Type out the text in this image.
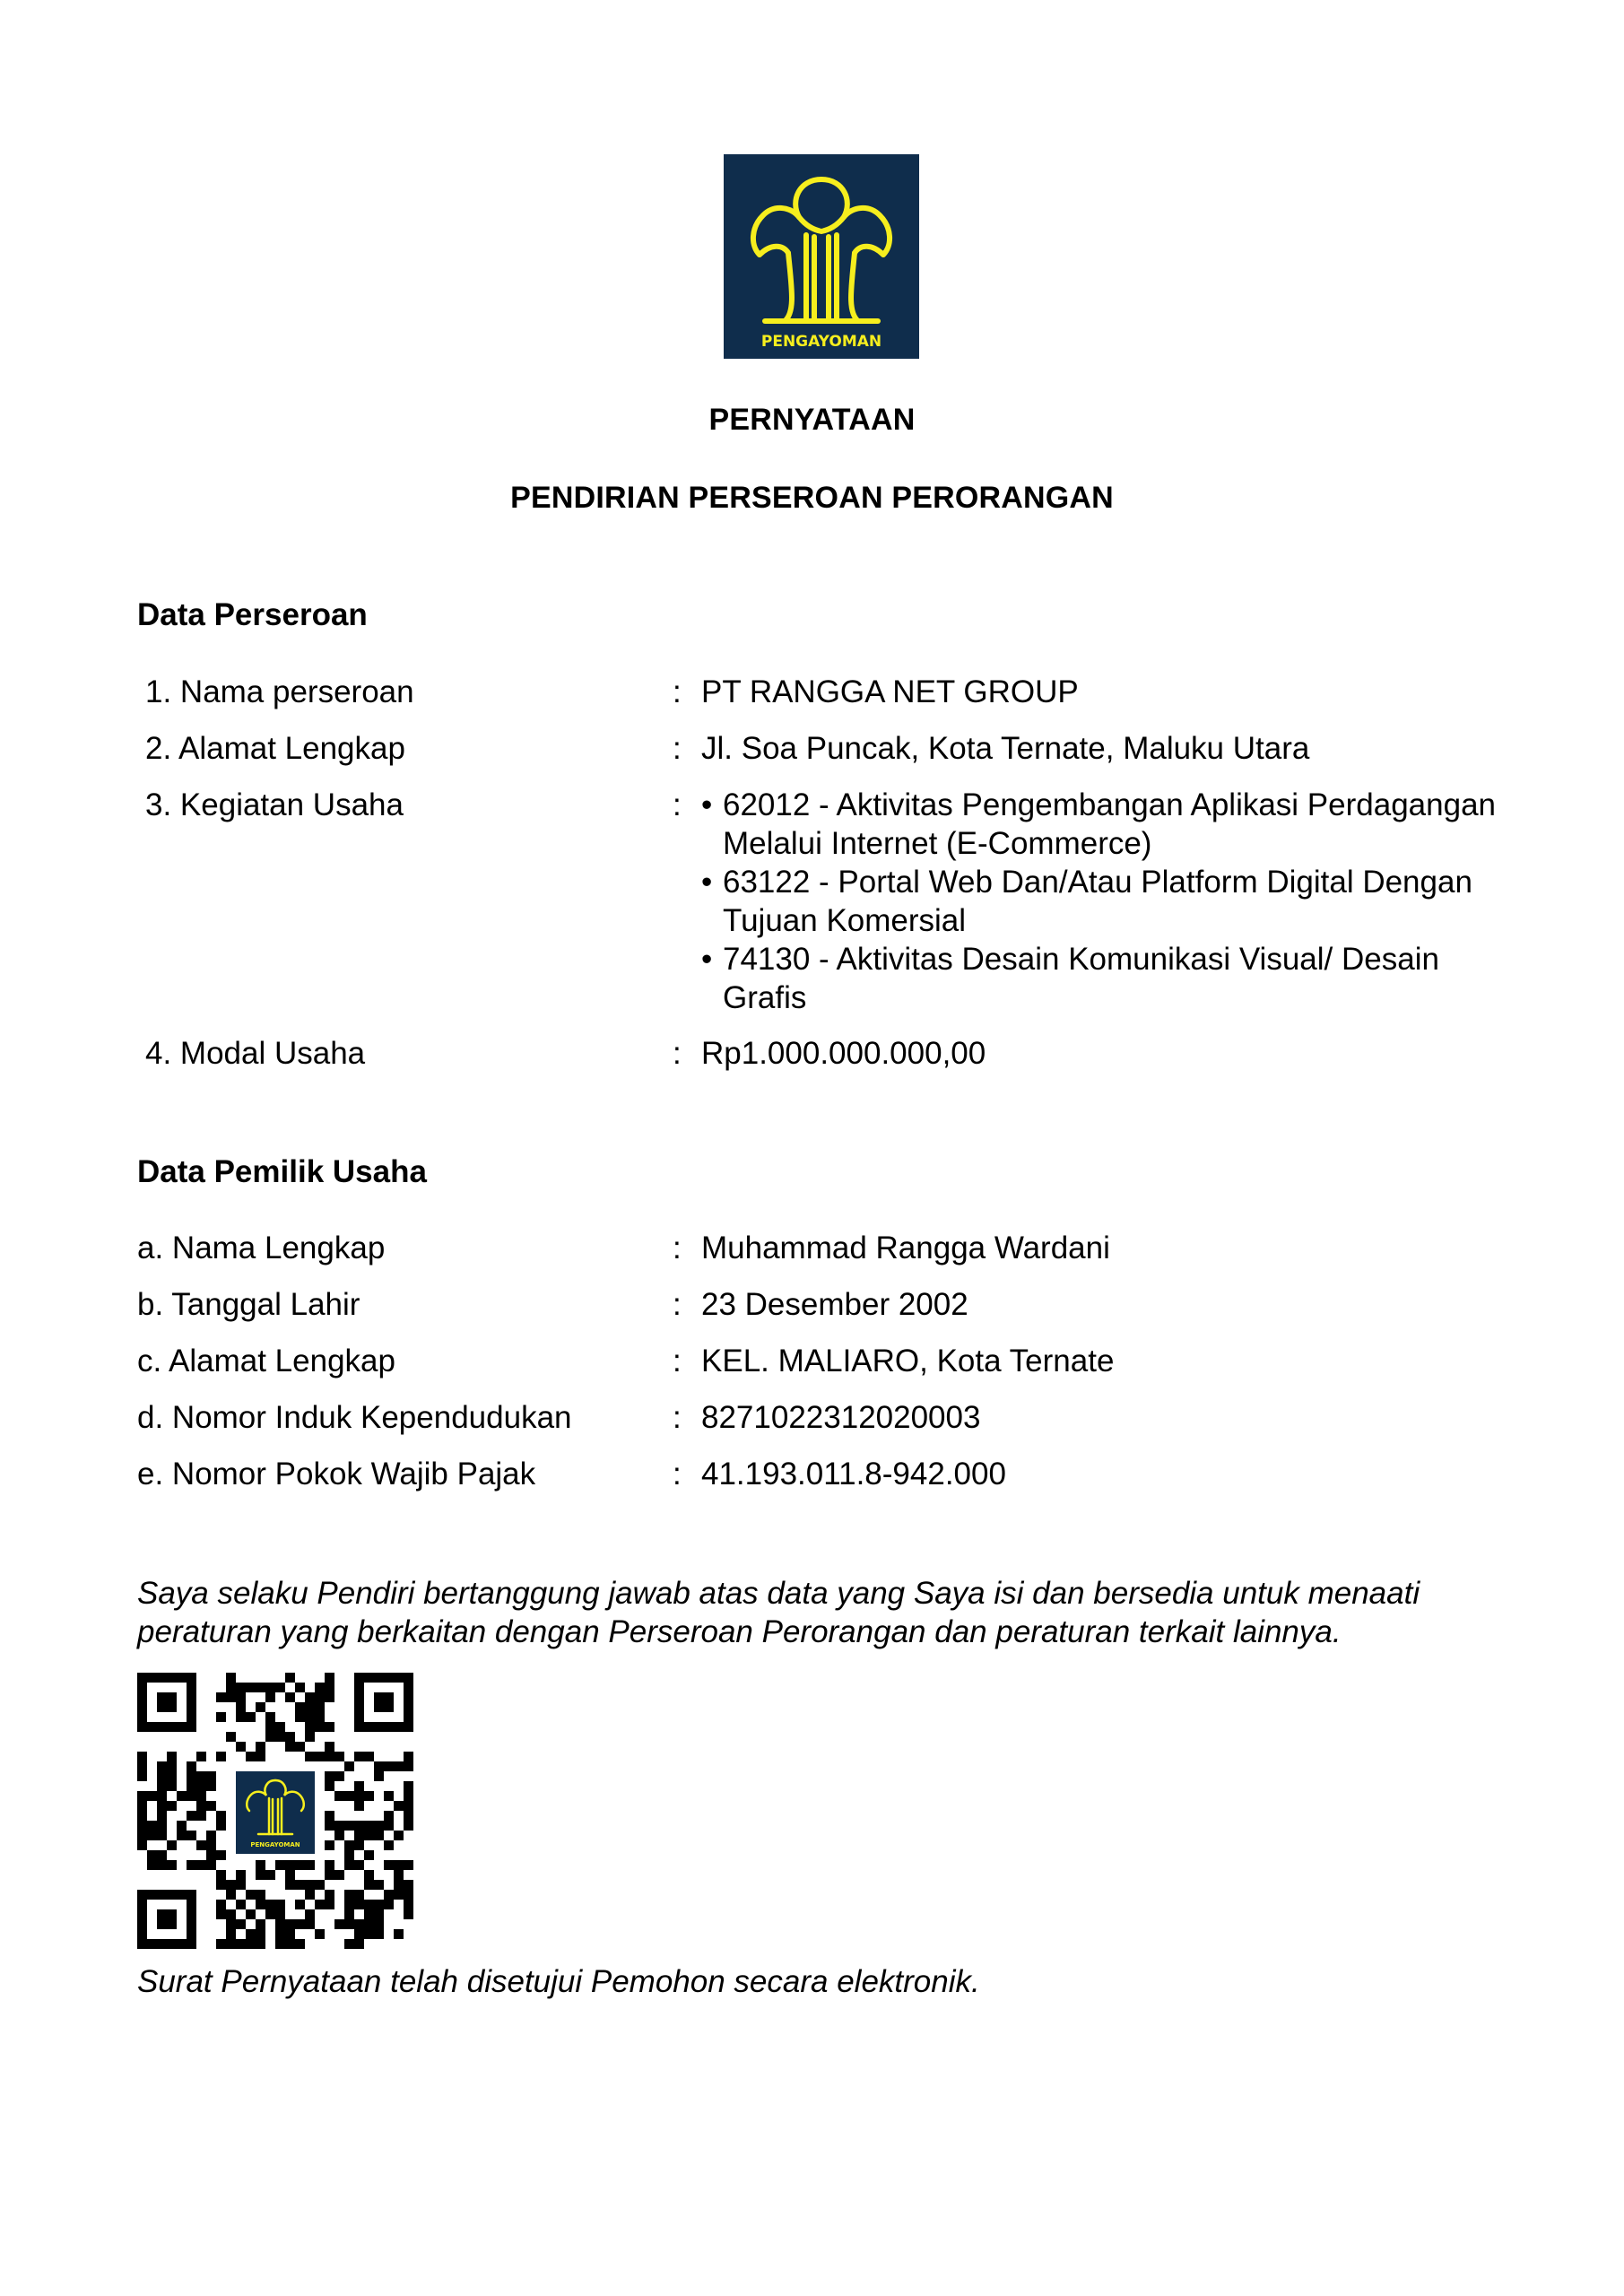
PENGAYOMAN
PERNYATAAN
PENDIRIAN PERSEROAN PERORANGAN
Data Perseroan
1. Nama perseroan	: PT RANGGA NET GROUP
2. Alamat Lengkap	: Jl. Soa Puncak, Kota Ternate, Maluku Utara
3. Kegiatan Usaha	: • 62012 - Aktivitas Pengembangan Aplikasi Perdagangan Melalui Internet (E-Commerce)
• 63122 - Portal Web Dan/Atau Platform Digital Dengan Tujuan Komersial
• 74130 - Aktivitas Desain Komunikasi Visual/ Desain Grafis
4. Modal Usaha	: Rp1.000.000.000,00
Data Pemilik Usaha
a. Nama Lengkap	: Muhammad Rangga Wardani
b. Tanggal Lahir	: 23 Desember 2002
c. Alamat Lengkap	: KEL. MALIARO, Kota Ternate
d. Nomor Induk Kependudukan	: 8271022312020003
e. Nomor Pokok Wajib Pajak	: 41.193.011.8-942.000
Saya selaku Pendiri bertanggung jawab atas data yang Saya isi dan bersedia untuk menaati peraturan yang berkaitan dengan Perseroan Perorangan dan peraturan terkait lainnya.
PENGAYOMAN
Surat Pernyataan telah disetujui Pemohon secara elektronik.
